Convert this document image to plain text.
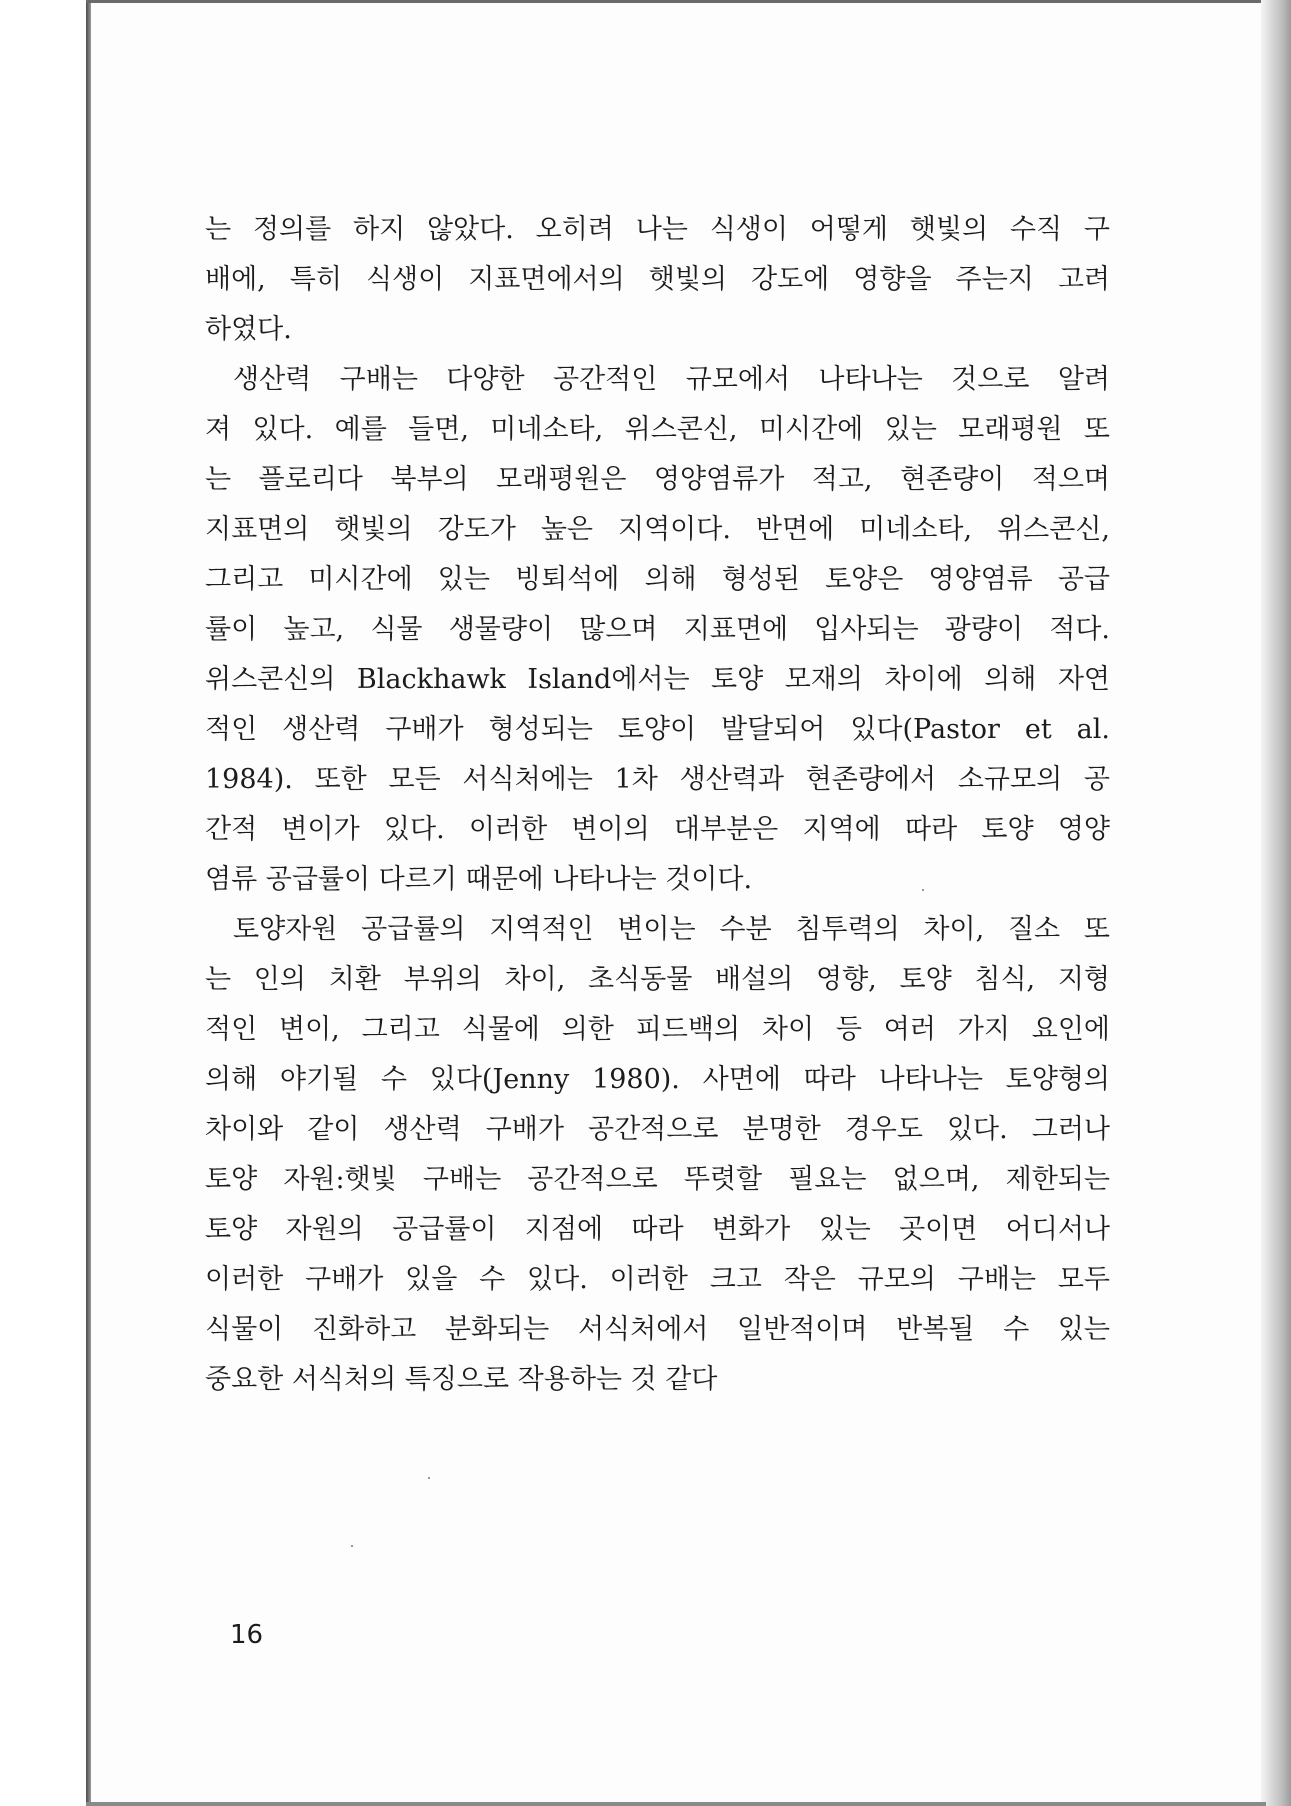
는 정의를 하지 않았다. 오히려 나는 식생이 어떻게 햇빛의 수직 구
배에, 특히 식생이 지표면에서의 햇빛의 강도에 영향을 주는지 고려
하였다.
생산력 구배는 다양한 공간적인 규모에서 나타나는 것으로 알려
져 있다. 예를 들면, 미네소타, 위스콘신, 미시간에 있는 모래평원 또
는 플로리다 북부의 모래평원은 영양염류가 적고, 현존량이 적으며
지표면의 햇빛의 강도가 높은 지역이다. 반면에 미네소타, 위스콘신,
그리고 미시간에 있는 빙퇴석에 의해 형성된 토양은 영양염류 공급
률이 높고, 식물 생물량이 많으며 지표면에 입사되는 광량이 적다.
위스콘신의 Blackhawk Island에서는 토양 모재의 차이에 의해 자연
적인 생산력 구배가 형성되는 토양이 발달되어 있다(Pastor et al.
1984). 또한 모든 서식처에는 1차 생산력과 현존량에서 소규모의 공
간적 변이가 있다. 이러한 변이의 대부분은 지역에 따라 토양 영양
염류 공급률이 다르기 때문에 나타나는 것이다.
토양자원 공급률의 지역적인 변이는 수분 침투력의 차이, 질소 또
는 인의 치환 부위의 차이, 초식동물 배설의 영향, 토양 침식, 지형
적인 변이, 그리고 식물에 의한 피드백의 차이 등 여러 가지 요인에
의해 야기될 수 있다(Jenny 1980). 사면에 따라 나타나는 토양형의
차이와 같이 생산력 구배가 공간적으로 분명한 경우도 있다. 그러나
토양 자원:햇빛 구배는 공간적으로 뚜렷할 필요는 없으며, 제한되는
토양 자원의 공급률이 지점에 따라 변화가 있는 곳이면 어디서나
이러한 구배가 있을 수 있다. 이러한 크고 작은 규모의 구배는 모두
식물이 진화하고 분화되는 서식처에서 일반적이며 반복될 수 있는
중요한 서식처의 특징으로 작용하는 것 같다
16
